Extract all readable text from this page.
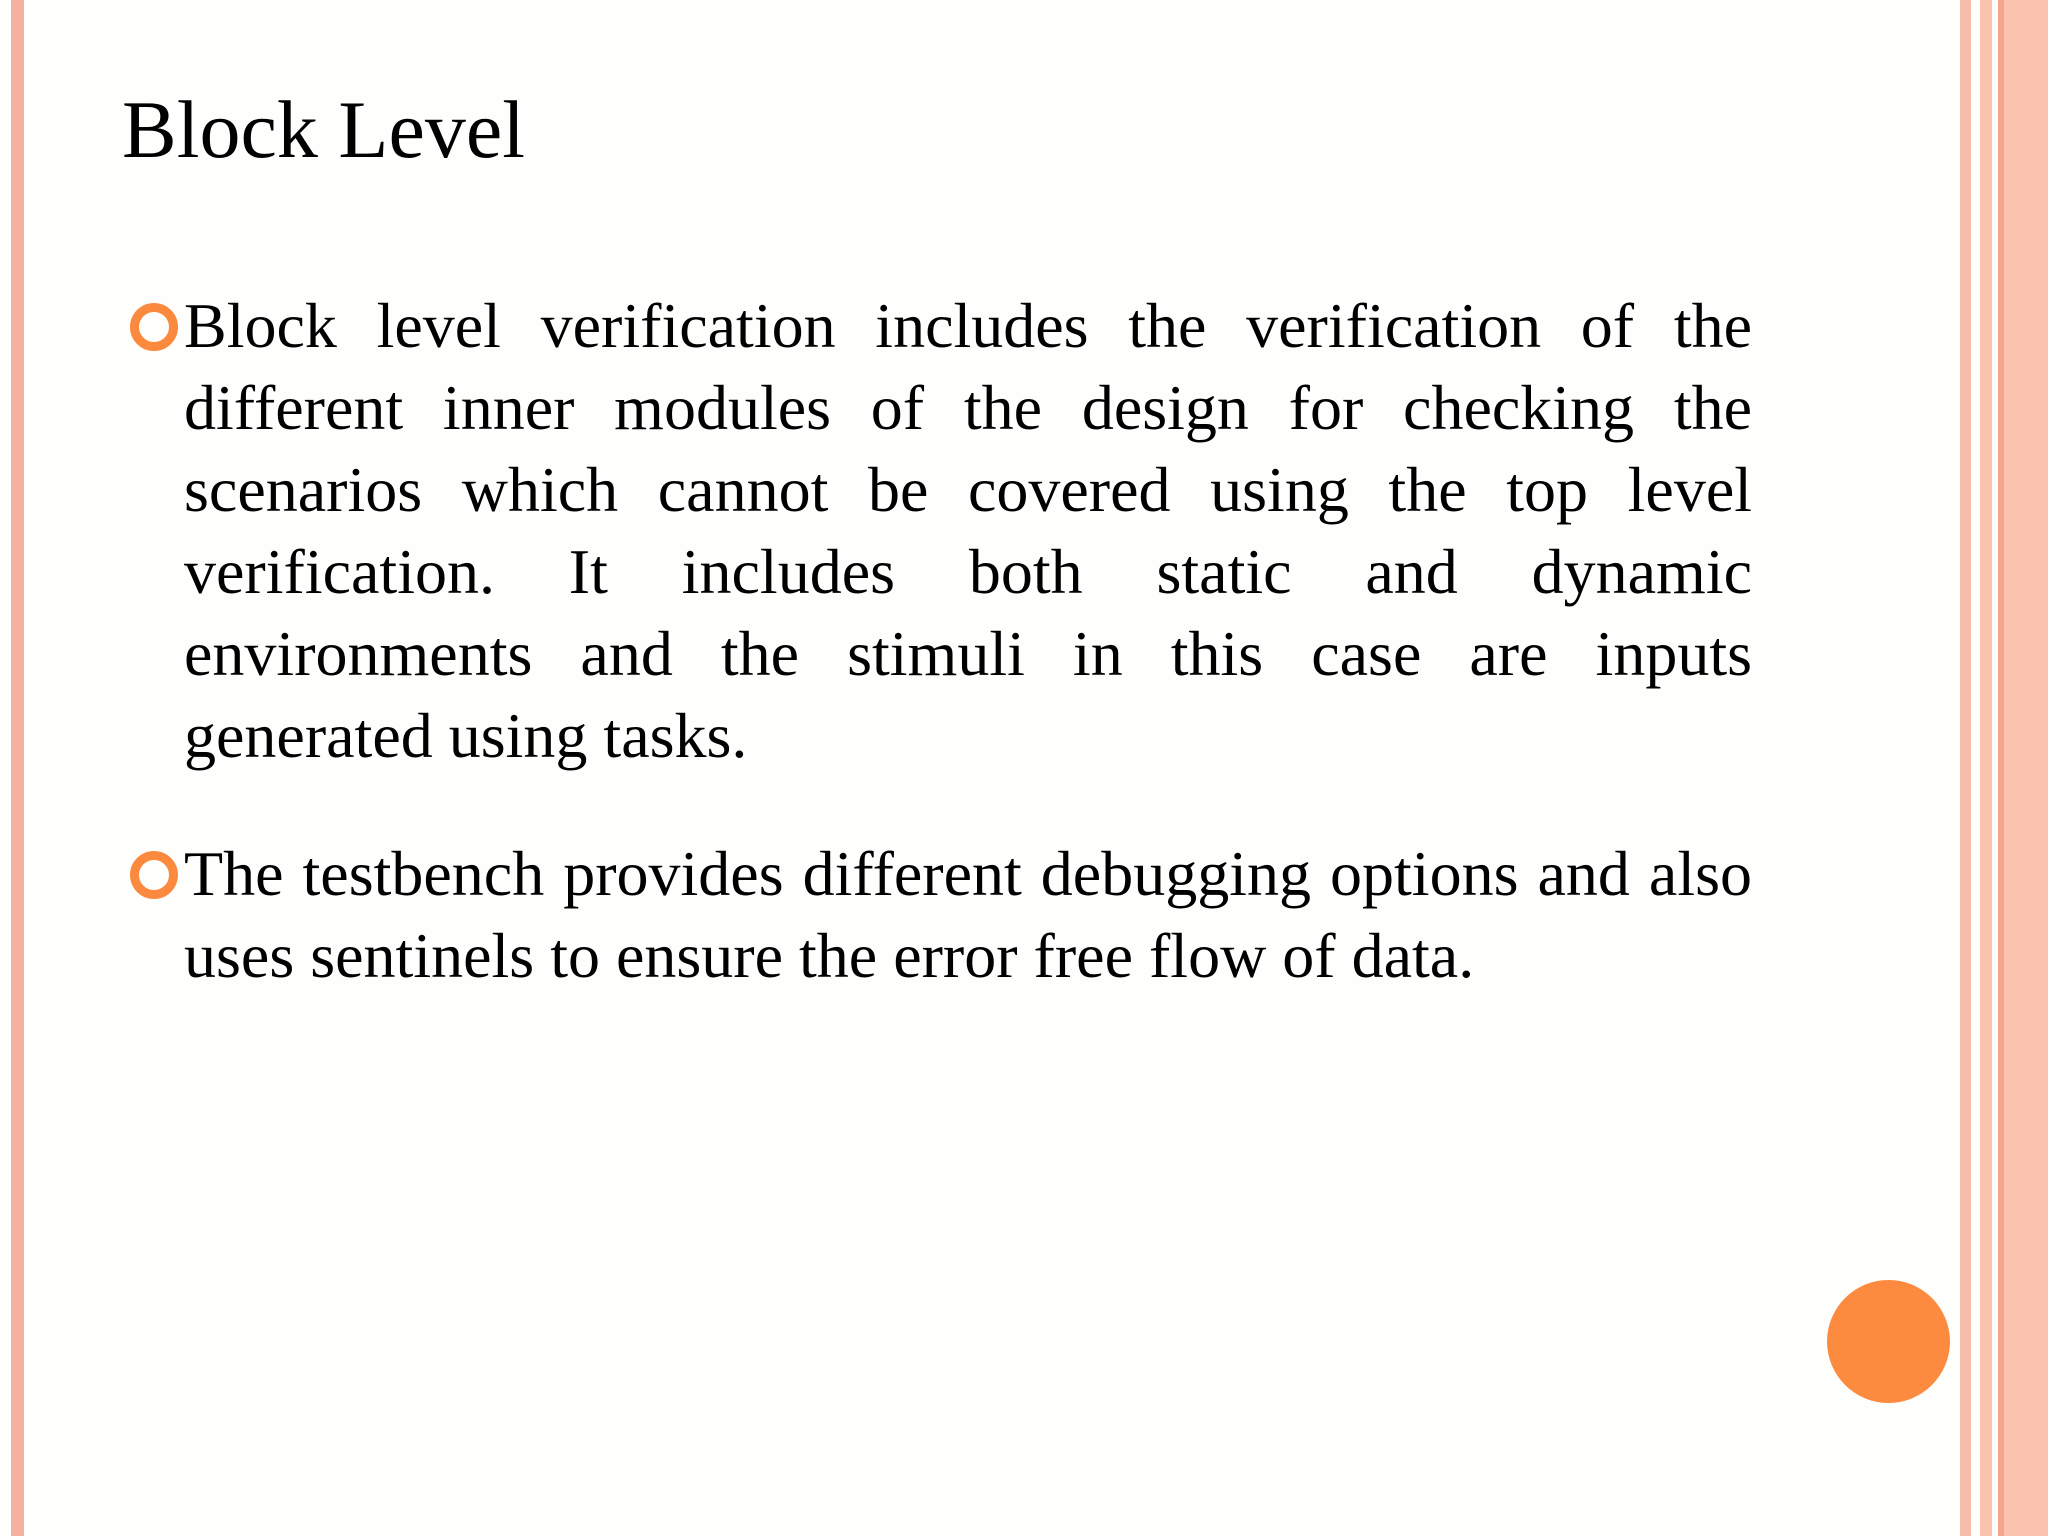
Block Level
Block level verification includes the verification of the different inner modules of the design for checking the scenarios which cannot be covered using the top level verification. It includes both static and dynamic environments and the stimuli in this case are inputs generated using tasks.
The testbench provides different debugging options and also uses sentinels to ensure the error free flow of data.
